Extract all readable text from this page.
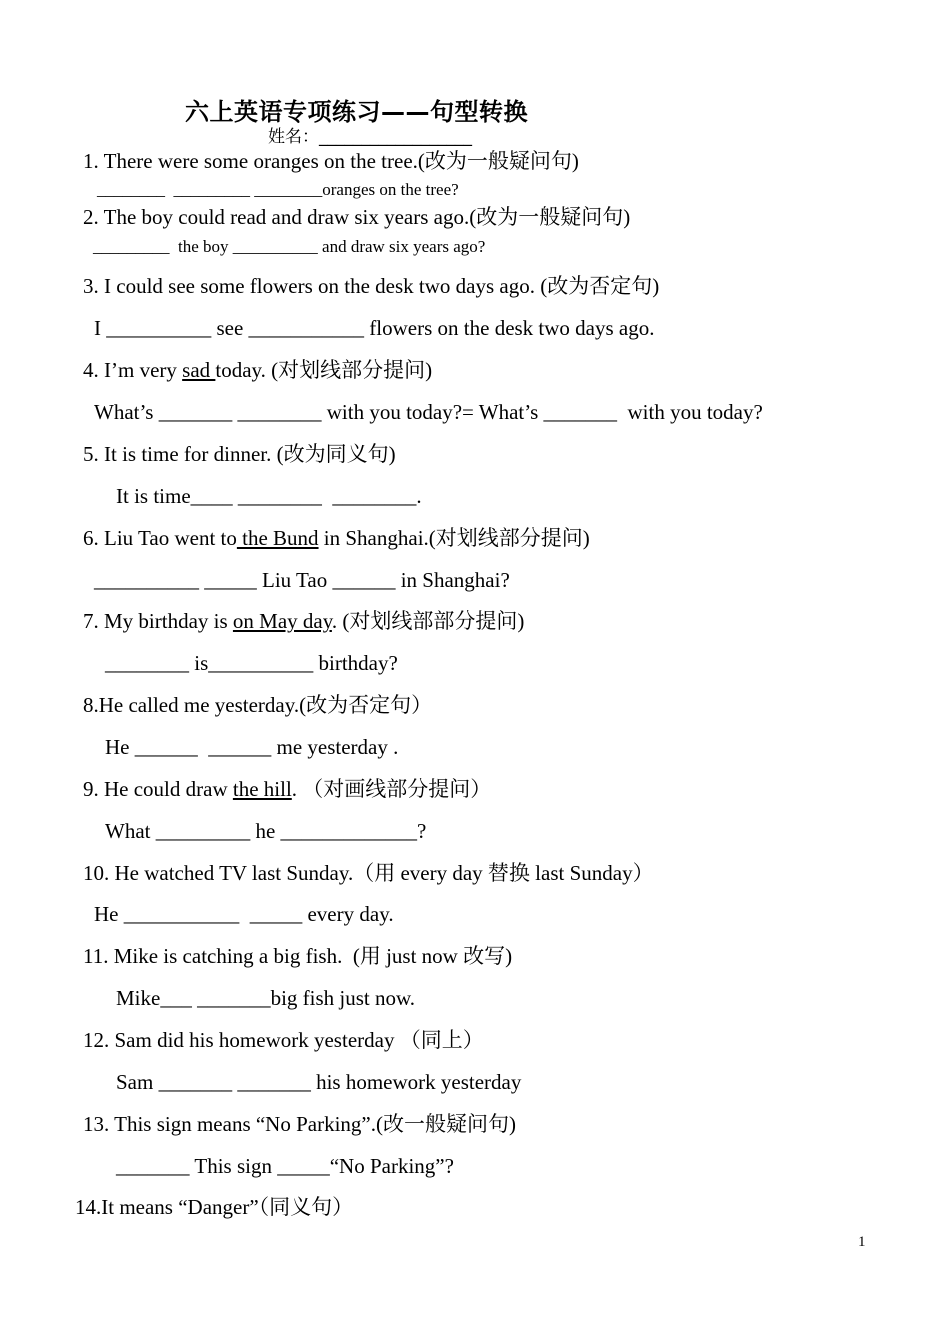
六上英语专项练习——句型转换
姓名：__________________
1. There were some oranges on the tree.(改为一般疑问句)
________  _________ ________oranges on the tree?
2. The boy could read and draw six years ago.(改为一般疑问句)
_________  the boy __________ and draw six years ago?
3. I could see some flowers on the desk two days ago. (改为否定句)
I __________ see ___________ flowers on the desk two days ago.
4. I’m very sad today. (对划线部分提问)
What’s _______ ________ with you today?= What’s _______  with you today?
5. It is time for dinner. (改为同义句)
It is time____ ________  ________.
6. Liu Tao went to the Bund in Shanghai.(对划线部分提问)
__________ _____ Liu Tao ______ in Shanghai?
7. My birthday is on May day. (对划线部部分提问)
________ is__________ birthday?
8.He called me yesterday.(改为否定句）
He ______  ______ me yesterday .
9. He could draw the hill. （对画线部分提问）
What _________ he _____________?
10. He watched TV last Sunday.（用 every day 替换 last Sunday）
He ___________  _____ every day.
11. Mike is catching a big fish.  (用 just now 改写)
Mike___ _______big fish just now.
12. Sam did his homework yesterday （同上）
Sam _______ _______ his homework yesterday
13. This sign means “No Parking”.(改一般疑问句)
_______ This sign _____“No Parking”?
14.It means “Danger”（同义句）
1
